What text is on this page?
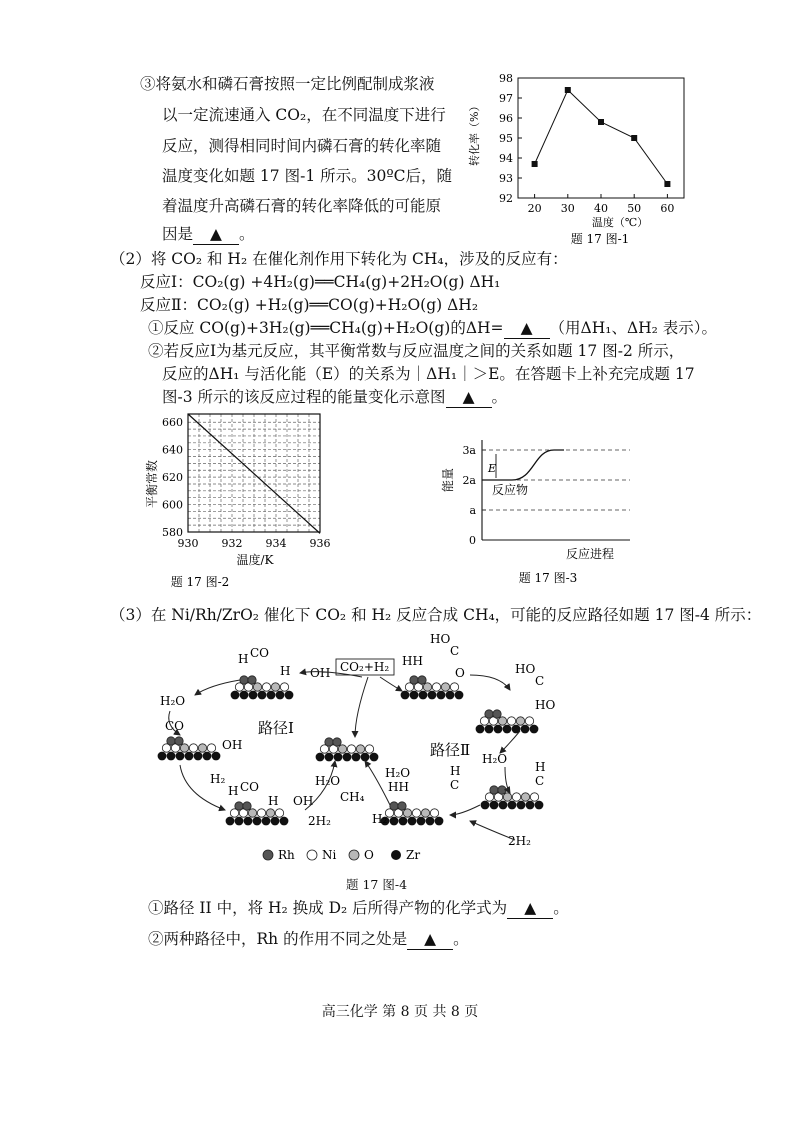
③将氨水和磷石膏按照一定比例配制成浆液
以一定流速通入 CO₂，在不同温度下进行
反应，测得相同时间内磷石膏的转化率随
温度变化如题 17 图-1 所示。30ºC后，随
着温度升高磷石膏的转化率降低的可能原
因是 ▲ 。
92
93
94
95
96
97
98
20 30 40 50 60
温度（℃）
转化率（%）
题 17 图-1
（2）将 CO₂ 和 H₂ 在催化剂作用下转化为 CH₄，涉及的反应有：
反应Ⅰ：CO₂(g) +4H₂(g)══CH₄(g)+2H₂O(g) ΔH₁
反应Ⅱ：CO₂(g) +H₂(g)══CO(g)+H₂O(g) ΔH₂
①反应 CO(g)+3H₂(g)══CH₄(g)+H₂O(g)的ΔH= ▲ （用ΔH₁、ΔH₂ 表示）。
②若反应Ⅰ为基元反应，其平衡常数与反应温度之间的关系如题 17 图-2 所示，
反应的ΔH₁ 与活化能（E）的关系为｜ΔH₁｜＞E。在答题卡上补充完成题 17
图-3 所示的该反应过程的能量变化示意图 ▲ 。
580
600
620
640
660
930 932 934 936
温度/K
平衡常数
题 17 图-2
0
a
2a
3a
E
反应物
能量
反应进程
题 17 图-3
（3）在 Ni/Rh/ZrO₂ 催化下 CO₂ 和 H₂ 反应合成 CH₄，可能的反应路径如题 17 图-4 所示：
H CO
H OH CO₂+H₂ HH
HO
C
O	HO
C
HO
H₂O
CO
OH
路径Ⅰ
路径Ⅱ H₂O
H
C
H₂
H CO
H OH
H₂O
CH₄
2H₂
H₂O
HH
H₂
H
C
2H₂
Rh Ni O	Zr
题 17 图-4
①路径 II 中，将 H₂ 换成 D₂ 后所得产物的化学式为 ▲ 。
②两种路径中，Rh 的作用不同之处是 ▲ 。
高三化学 第 8 页 共 8 页
